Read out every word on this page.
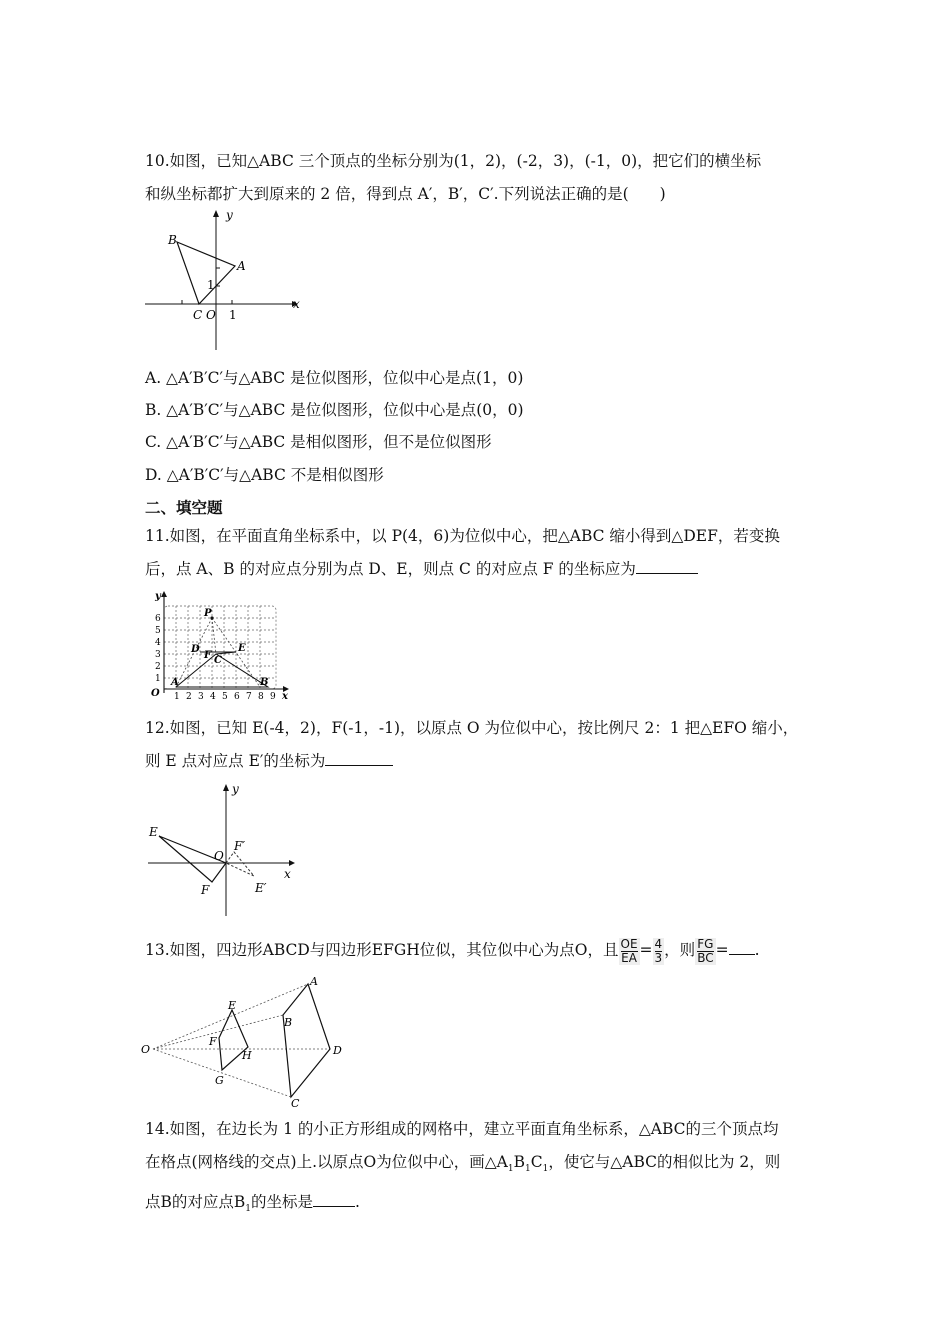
10.如图，已知△ABC 三个顶点的坐标分别为(1，2)，(-2，3)，(-1，0)，把它们的横坐标
和纵坐标都扩大到原来的 2 倍，得到点 A′，B′，C′.下列说法正确的是(　　)
B
A
y
x
1
C O 1
A. △A′B′C′与△ABC 是位似图形，位似中心是点(1，0)
B. △A′B′C′与△ABC 是位似图形，位似中心是点(0，0)
C. △A′B′C′与△ABC 是相似图形，但不是位似图形
D. △A′B′C′与△ABC 不是相似图形
二、填空题
11.如图，在平面直角坐标系中，以 P(4，6)为位似中心，把△ABC 缩小得到△DEF，若变换
后，点 A、B 的对应点分别为点 D、E，则点 C 的对应点 F 的坐标应为
1 2 3 4 5 6 7 8 9
1
2
3
4
5
6
y
x
O
P
D	E
F C
A	B
12.如图，已知 E(-4，2)，F(-1，-1)，以原点 O 为位似中心，按比例尺 2：1 把△EFO 缩小，
则 E 点对应点 E′的坐标为
y
x
E
O
F′
F	E′
13.如图，四边形ABCD与四边形EFGH位似，其位似中心为点O，且 $\frac{OE}{EA} = \frac{4}{3}$ ，则 $\frac{FG}{BC}$ = .
O
A
B
C
D
E
F
G
H
14.如图，在边长为 1 的小正方形组成的网格中，建立平面直角坐标系，△ABC的三个顶点均
在格点(网格线的交点)上.以原点O为位似中心，画$\triangle A_1B_1C_1$，使它与△ABC的相似比为 2，则
点B的对应点$B_1$的坐标是	.
